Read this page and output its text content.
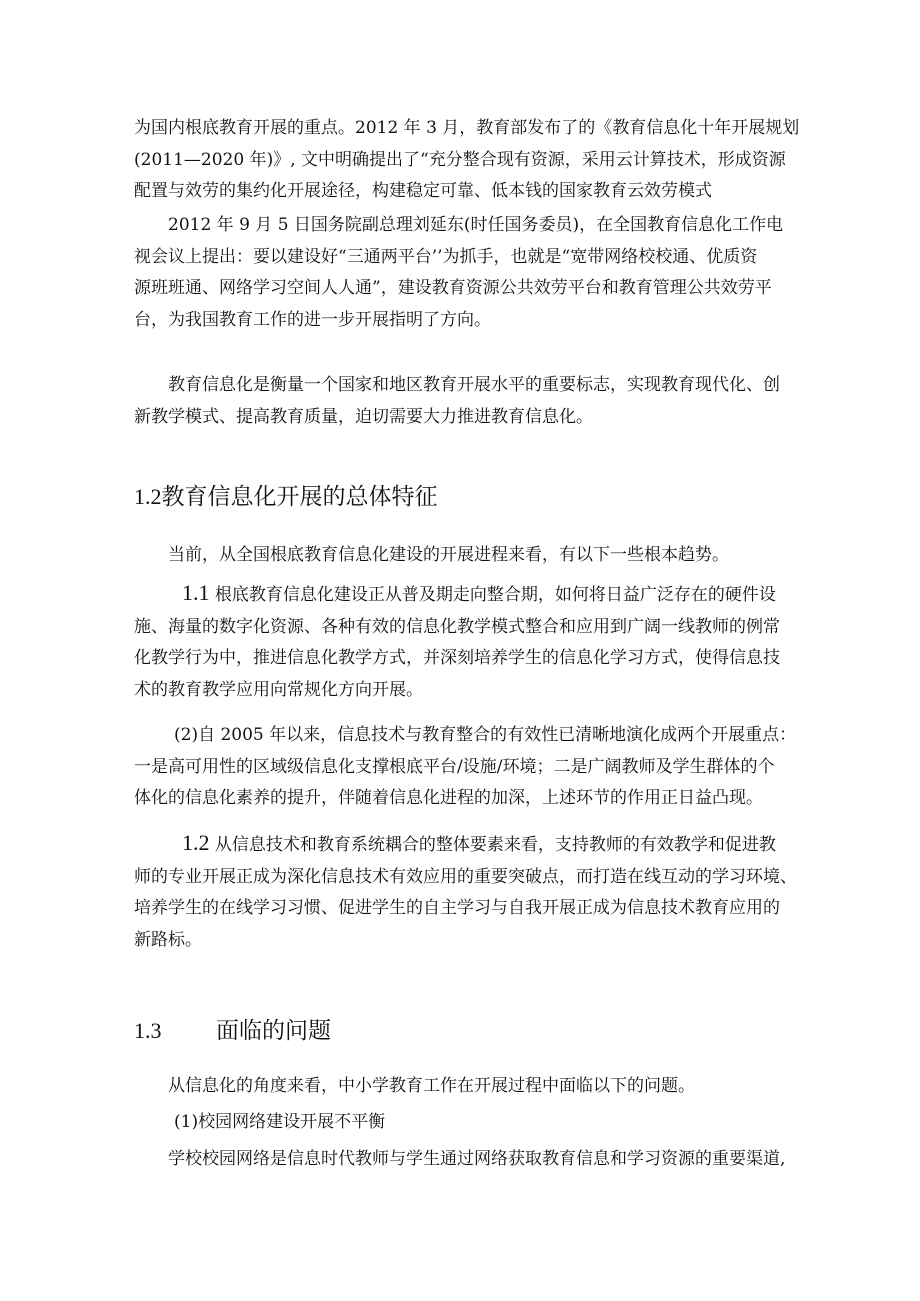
为国内根底教育开展的重点。2012 年 3 月，教育部发布了的《教育信息化十年开展规划
(2011—2020 年)》, 文中明确提出了“充分整合现有资源，采用云计算技术，形成资源
配置与效劳的集约化开展途径，构建稳定可靠、低本钱的国家教育云效劳模式
2012 年 9 月 5 日国务院副总理刘延东(时任国务委员)，在全国教育信息化工作电
视会议上提出：要以建设好“三通两平台’’为抓手，也就是“宽带网络校校通、优质资
源班班通、网络学习空间人人通”，建设教育资源公共效劳平台和教育管理公共效劳平
台，为我国教育工作的进一步开展指明了方向。
教育信息化是衡量一个国家和地区教育开展水平的重要标志，实现教育现代化、创
新教学模式、提高教育质量，迫切需要大力推进教育信息化。
1.2教育信息化开展的总体特征
当前，从全国根底教育信息化建设的开展进程来看，有以下一些根本趋势。
1.1 根底教育信息化建设正从普及期走向整合期，如何将日益广泛存在的硬件设
施、海量的数字化资源、各种有效的信息化教学模式整合和应用到广阔一线教师的例常
化教学行为中，推进信息化教学方式，并深刻培养学生的信息化学习方式，使得信息技
术的教育教学应用向常规化方向开展。
(2)自 2005 年以来，信息技术与教育整合的有效性已清晰地演化成两个开展重点：
一是高可用性的区域级信息化支撑根底平台/设施/环境；二是广阔教师及学生群体的个
体化的信息化素养的提升，伴随着信息化进程的加深，上述环节的作用正日益凸现。
1.2 从信息技术和教育系统耦合的整体要素来看，支持教师的有效教学和促进教
师的专业开展正成为深化信息技术有效应用的重要突破点，而打造在线互动的学习环境、
培养学生的在线学习习惯、促进学生的自主学习与自我开展正成为信息技术教育应用的
新路标。
1.3 面临的问题
从信息化的角度来看，中小学教育工作在开展过程中面临以下的问题。
(1)校园网络建设开展不平衡
学校校园网络是信息时代教师与学生通过网络获取教育信息和学习资源的重要渠道,
